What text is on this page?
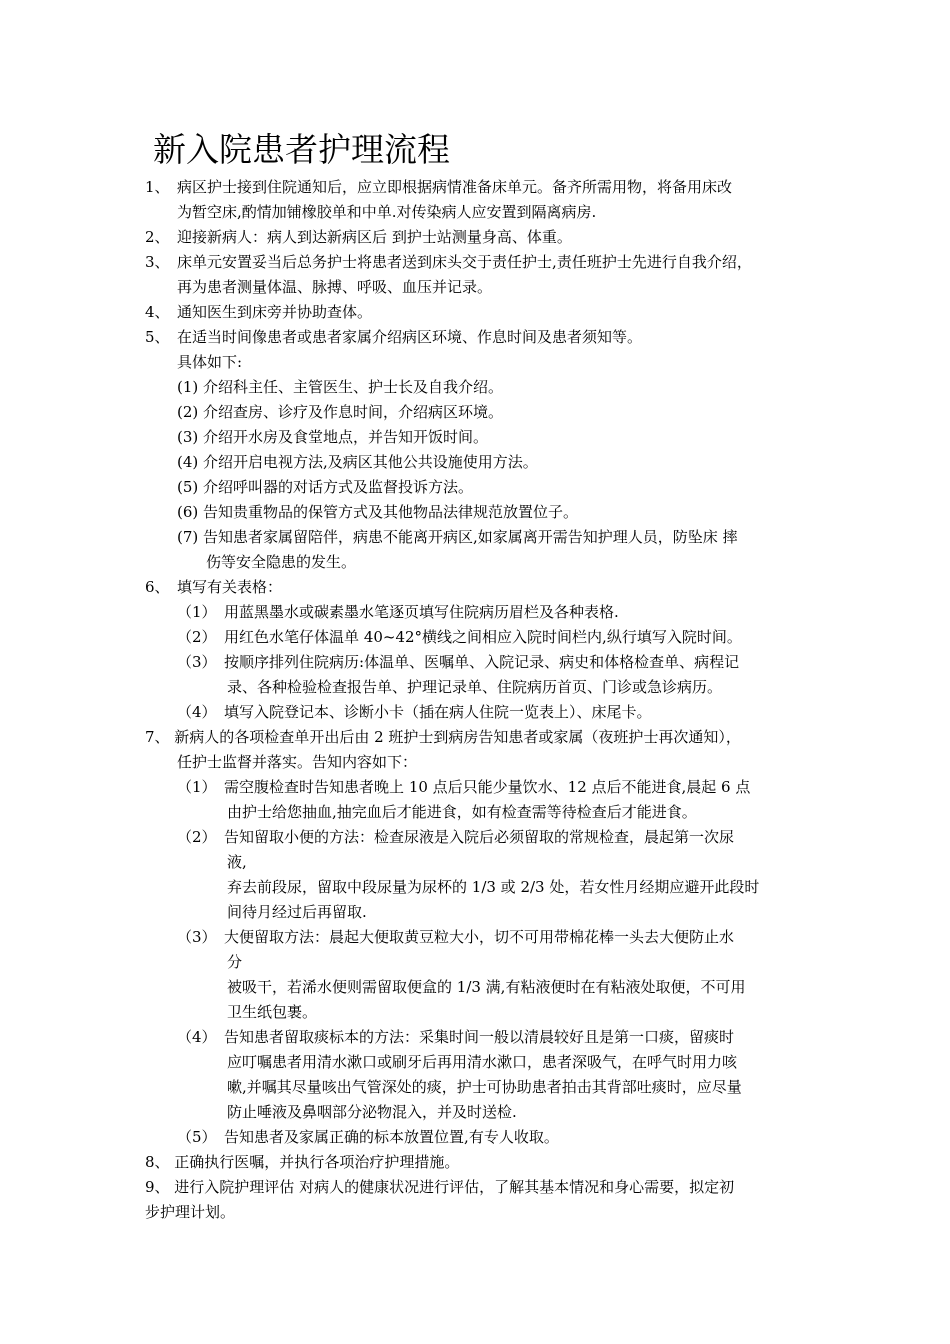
新入院患者护理流程
1、　病区护士接到住院通知后，应立即根据病情准备床单元。备齐所需用物，将备用床改
为暂空床,酌情加铺橡胶单和中单.对传染病人应安置到隔离病房.
2、　迎接新病人：病人到达新病区后 到护士站测量身高、体重。
3、　床单元安置妥当后总务护士将患者送到床头交于责任护士,责任班护士先进行自我介绍，
再为患者测量体温、脉搏、呼吸、血压并记录。
4、　通知医生到床旁并协助查体。
5、　在适当时间像患者或患者家属介绍病区环境、作息时间及患者须知等。
具体如下:
(1) 介绍科主任、主管医生、护士长及自我介绍。
(2) 介绍查房、诊疗及作息时间，介绍病区环境。
(3) 介绍开水房及食堂地点，并告知开饭时间。
(4) 介绍开启电视方法,及病区其他公共设施使用方法。
(5) 介绍呼叫器的对话方式及监督投诉方法。
(6) 告知贵重物品的保管方式及其他物品法律规范放置位子。
(7) 告知患者家属留陪伴，病患不能离开病区,如家属离开需告知护理人员，防坠床 摔
伤等安全隐患的发生。
6、　填写有关表格：
（1）　用蓝黑墨水或碳素墨水笔逐页填写住院病历眉栏及各种表格.
（2）　用红色水笔仔体温单 40~42°横线之间相应入院时间栏内,纵行填写入院时间。
（3）　按顺序排列住院病历:体温单、医嘱单、入院记录、病史和体格检查单、病程记
录、各种检验检查报告单、护理记录单、住院病历首页、门诊或急诊病历。
（4）　填写入院登记本、诊断小卡（插在病人住院一览表上）、床尾卡。
7、 新病人的各项检查单开出后由 2 班护士到病房告知患者或家属（夜班护士再次通知），
任护士监督并落实。告知内容如下：
（1）　需空腹检查时告知患者晚上 10 点后只能少量饮水、12 点后不能进食,晨起 6 点
由护士给您抽血,抽完血后才能进食，如有检查需等待检查后才能进食。
（2）　告知留取小便的方法：检查尿液是入院后必须留取的常规检查，晨起第一次尿
液,
弃去前段尿，留取中段尿量为尿杯的 1/3 或 2/3 处，若女性月经期应避开此段时
间待月经过后再留取.
（3）　大便留取方法：晨起大便取黄豆粒大小，切不可用带棉花棒一头去大便防止水
分
被吸干，若浠水便则需留取便盒的 1/3 满,有粘液便时在有粘液处取便，不可用
卫生纸包裹。
（4）　告知患者留取痰标本的方法：采集时间一般以清晨较好且是第一口痰，留痰时
应叮嘱患者用清水漱口或刷牙后再用清水漱口，患者深吸气，在呼气时用力咳
嗽,并嘱其尽量咳出气管深处的痰，护士可协助患者拍击其背部吐痰时，应尽量
防止唾液及鼻咽部分泌物混入，并及时送检.
（5）　告知患者及家属正确的标本放置位置,有专人收取。
8、 正确执行医嘱，并执行各项治疗护理措施。
9、 进行入院护理评估 对病人的健康状况进行评估，了解其基本情况和身心需要，拟定初
步护理计划。
